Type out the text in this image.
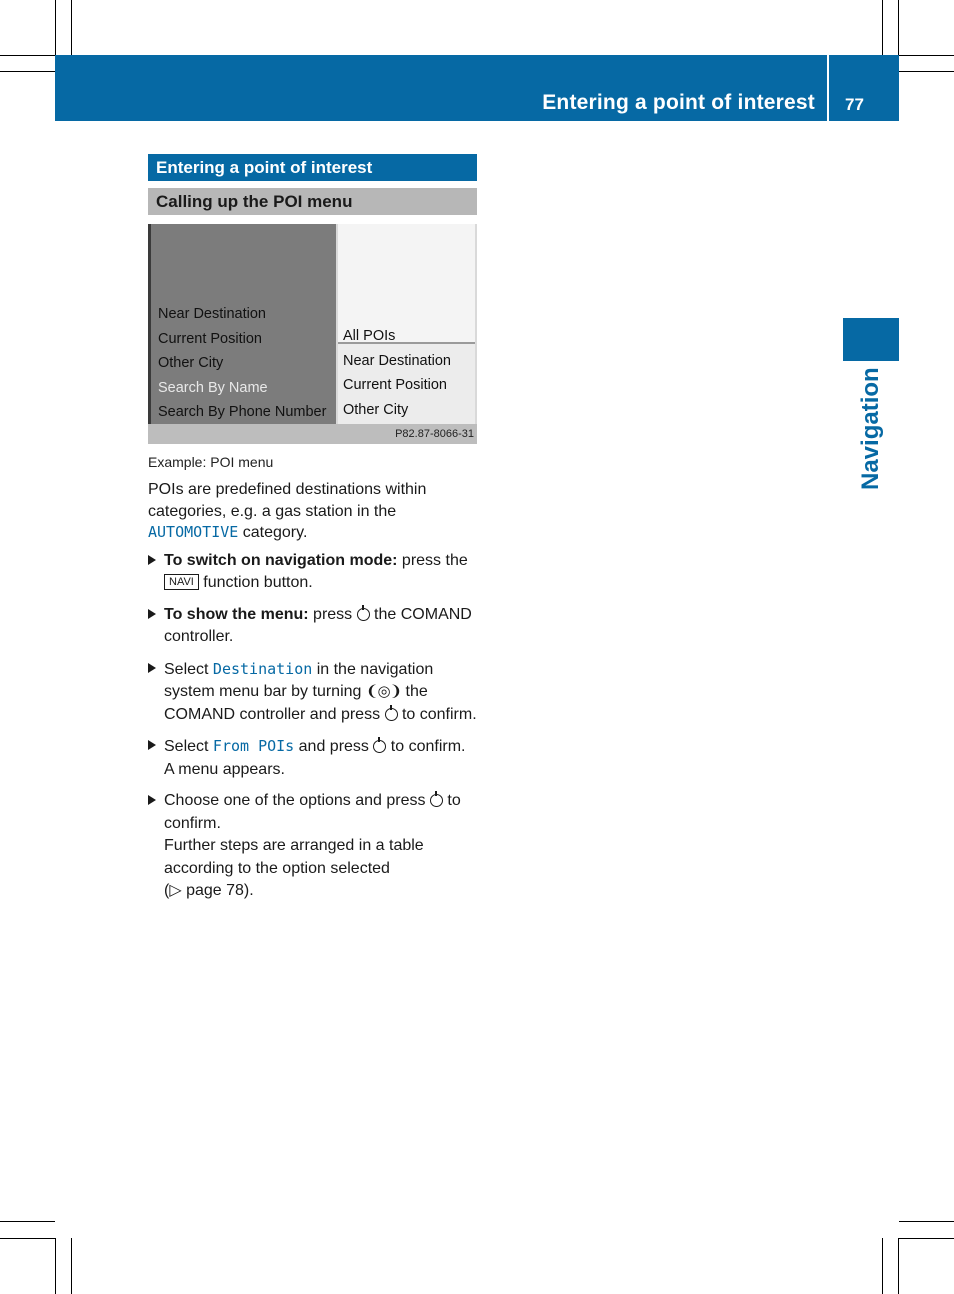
Entering a point of interest 77
Navigation
Entering a point of interest
Calling up the POI menu
Near Destination
Current Position
Other City
Search By Name
Search By Phone Number
All POIs
Near Destination
Current Position
Other City
P82.87-8066-31
Example: POI menu

POIs are predefined destinations within categories, e.g. a gas station in the AUTOMOTIVE category.

To switch on navigation mode: press the NAVI function button.
To show the menu: press  the COMAND controller.
Select Destination in the navigation system menu bar by turning ❨◎❩ the COMAND controller and press  to confirm.
Select From POIs and press  to confirm.
A menu appears.
Choose one of the options and press  to confirm.
Further steps are arranged in a table according to the option selected
(▷ page 78).
